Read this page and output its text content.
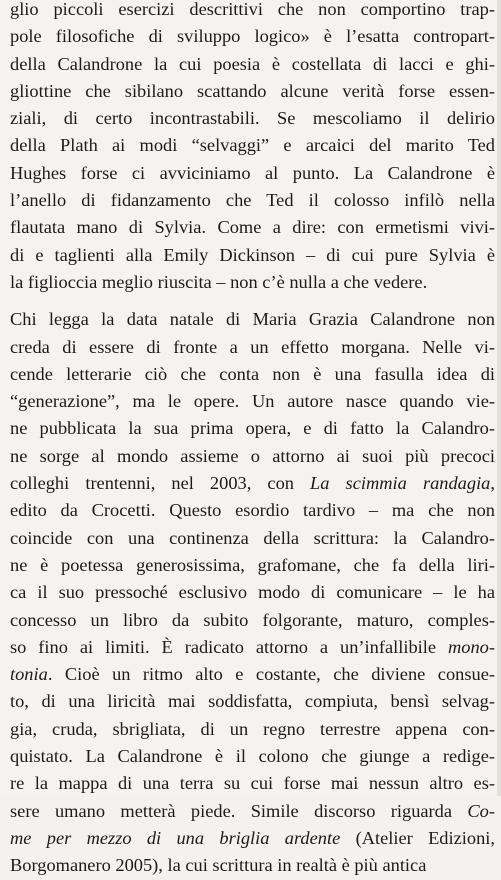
glio piccoli esercizi descrittivi che non comportino trap-
pole filosofiche di sviluppo logico» è l’esatta contropart-
della Calandrone la cui poesia è costellata di lacci e ghi-
gliottine che sibilano scattando alcune verità forse essen-
ziali, di certo incontrastabili. Se mescoliamo il delirio
della Plath ai modi “selvaggi” e arcaici del marito Ted
Hughes forse ci avviciniamo al punto. La Calandrone è
l’anello di fidanzamento che Ted il colosso infilò nella
flautata mano di Sylvia. Come a dire: con ermetismi vivi-
di e taglienti alla Emily Dickinson – di cui pure Sylvia è
la figlioccia meglio riuscita – non c’è nulla a che vedere.
Chi legga la data natale di Maria Grazia Calandrone non
creda di essere di fronte a un effetto morgana. Nelle vi-
cende letterarie ciò che conta non è una fasulla idea di
“generazione”, ma le opere. Un autore nasce quando vie-
ne pubblicata la sua prima opera, e di fatto la Calandro-
ne sorge al mondo assieme o attorno ai suoi più precoci
colleghi trentenni, nel 2003, con La scimmia randagia,
edito da Crocetti. Questo esordio tardivo – ma che non
coincide con una continenza della scrittura: la Calandro-
ne è poetessa generosissima, grafomane, che fa della liri-
ca il suo pressoché esclusivo modo di comunicare – le ha
concesso un libro da subito folgorante, maturo, comples-
so fino ai limiti. È radicato attorno a un’infallibile mono-
tonia. Cioè un ritmo alto e costante, che diviene consue-
to, di una liricità mai soddisfatta, compiuta, bensì selvag-
gia, cruda, sbrigliata, di un regno terrestre appena con-
quistato. La Calandrone è il colono che giunge a redige-
re la mappa di una terra su cui forse mai nessun altro es-
sere umano metterà piede. Simile discorso riguarda Co-
me per mezzo di una briglia ardente (Atelier Edizioni,
Borgomanero 2005), la cui scrittura in realtà è più antica
